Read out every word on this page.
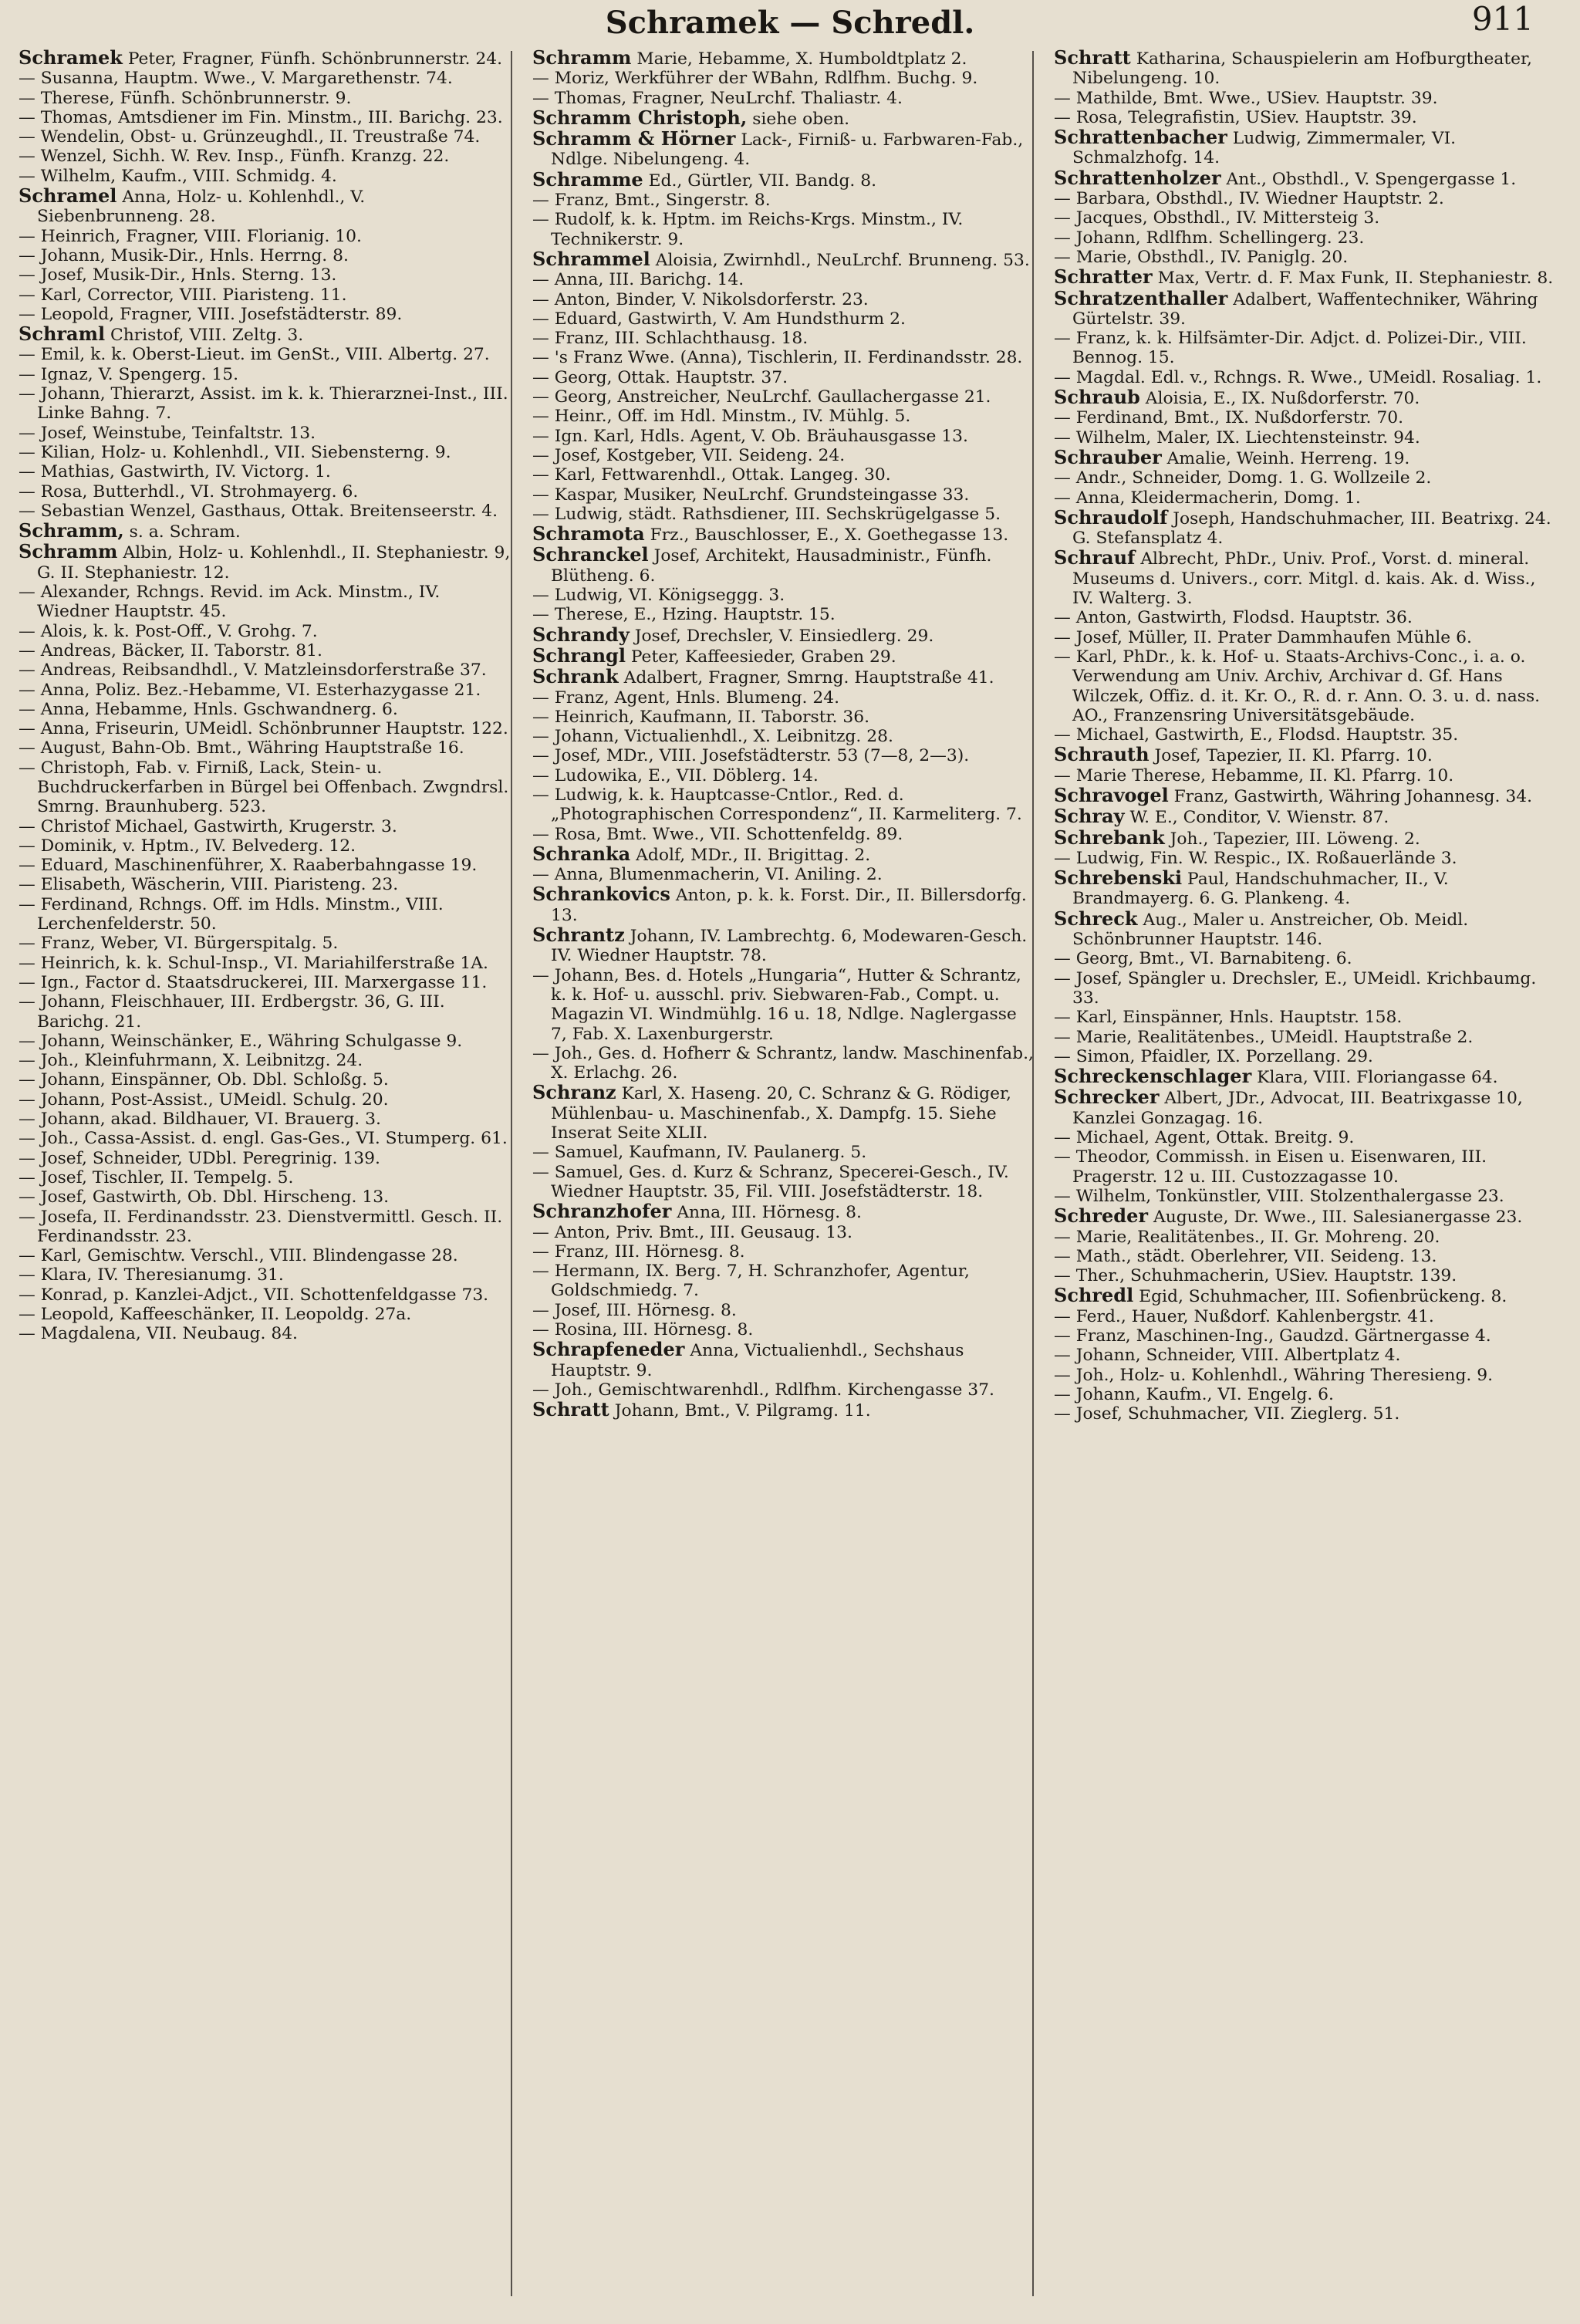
Schramek — Schredl.	911

Schramek Peter, Fragner, Fünfh. Schönbrunnerstr. 24.

— Susanna, Hauptm. Wwe., V. Margarethenstr. 74.

— Therese, Fünfh. Schönbrunnerstr. 9.

— Thomas, Amtsdiener im Fin. Minstm., III. Barichg. 23.

— Wendelin, Obst- u. Grünzeughdl., II. Treustraße 74.

— Wenzel, Sichh. W. Rev. Insp., Fünfh. Kranzg. 22.

— Wilhelm, Kaufm., VIII. Schmidg. 4.

Schramel Anna, Holz- u. Kohlenhdl., V. Siebenbrunneng. 28.

— Heinrich, Fragner, VIII. Florianig. 10.

— Johann, Musik-Dir., Hnls. Herrng. 8.

— Josef, Musik-Dir., Hnls. Sterng. 13.

— Karl, Corrector, VIII. Piaristeng. 11.

— Leopold, Fragner, VIII. Josefstädterstr. 89.

Schraml Christof, VIII. Zeltg. 3.

— Emil, k. k. Oberst-Lieut. im GenSt., VIII. Albertg. 27.

— Ignaz, V. Spengerg. 15.

— Johann, Thierarzt, Assist. im k. k. Thierarznei-Inst., III. Linke Bahng. 7.

— Josef, Weinstube, Teinfaltstr. 13.

— Kilian, Holz- u. Kohlenhdl., VII. Siebensterng. 9.

— Mathias, Gastwirth, IV. Victorg. 1.

— Rosa, Butterhdl., VI. Strohmayerg. 6.

— Sebastian Wenzel, Gasthaus, Ottak. Breitenseerstr. 4.

Schramm, s. a. Schram.

Schramm Albin, Holz- u. Kohlenhdl., II. Stephaniestr. 9, G. II. Stephaniestr. 12.

— Alexander, Rchngs. Revid. im Ack. Minstm., IV. Wiedner Hauptstr. 45.

— Alois, k. k. Post-Off., V. Grohg. 7.

— Andreas, Bäcker, II. Taborstr. 81.

— Andreas, Reibsandhdl., V. Matzleinsdorferstraße 37.

— Anna, Poliz. Bez.-Hebamme, VI. Esterhazygasse 21.

— Anna, Hebamme, Hnls. Gschwandnerg. 6.

— Anna, Friseurin, UMeidl. Schönbrunner Hauptstr. 122.

— August, Bahn-Ob. Bmt., Währing Hauptstraße 16.

— Christoph, Fab. v. Firniß, Lack, Stein- u. Buchdruckerfarben in Bürgel bei Offenbach. Zwgndrsl. Smrng. Braunhuberg. 523.

— Christof Michael, Gastwirth, Krugerstr. 3.

— Dominik, v. Hptm., IV. Belvederg. 12.

— Eduard, Maschinenführer, X. Raaberbahngasse 19.

— Elisabeth, Wäscherin, VIII. Piaristeng. 23.

— Ferdinand, Rchngs. Off. im Hdls. Minstm., VIII. Lerchenfelderstr. 50.

— Franz, Weber, VI. Bürgerspitalg. 5.

— Heinrich, k. k. Schul-Insp., VI. Mariahilferstraße 1A.

— Ign., Factor d. Staatsdruckerei, III. Marxergasse 11.

— Johann, Fleischhauer, III. Erdbergstr. 36, G. III. Barichg. 21.

— Johann, Weinschänker, E., Währing Schulgasse 9.

— Joh., Kleinfuhrmann, X. Leibnitzg. 24.

— Johann, Einspänner, Ob. Dbl. Schloßg. 5.

— Johann, Post-Assist., UMeidl. Schulg. 20.

— Johann, akad. Bildhauer, VI. Brauerg. 3.

— Joh., Cassa-Assist. d. engl. Gas-Ges., VI. Stumperg. 61.

— Josef, Schneider, UDbl. Peregrinig. 139.

— Josef, Tischler, II. Tempelg. 5.

— Josef, Gastwirth, Ob. Dbl. Hirscheng. 13.

— Josefa, II. Ferdinandsstr. 23. Dienstvermittl. Gesch. II. Ferdinandsstr. 23.

— Karl, Gemischtw. Verschl., VIII. Blindengasse 28.

— Klara, IV. Theresianumg. 31.

— Konrad, p. Kanzlei-Adjct., VII. Schottenfeldgasse 73.

— Leopold, Kaffeeschänker, II. Leopoldg. 27a.

— Magdalena, VII. Neubaug. 84.

Schramm Marie, Hebamme, X. Humboldtplatz 2.

— Moriz, Werkführer der WBahn, Rdlfhm. Buchg. 9.

— Thomas, Fragner, NeuLrchf. Thaliastr. 4.

Schramm Christoph, siehe oben.

Schramm & Hörner Lack-, Firniß- u. Farbwaren-Fab., Ndlge. Nibelungeng. 4.

Schramme Ed., Gürtler, VII. Bandg. 8.

— Franz, Bmt., Singerstr. 8.

— Rudolf, k. k. Hptm. im Reichs-Krgs. Minstm., IV. Technikerstr. 9.

Schrammel Aloisia, Zwirnhdl., NeuLrchf. Brunneng. 53.

— Anna, III. Barichg. 14.

— Anton, Binder, V. Nikolsdorferstr. 23.

— Eduard, Gastwirth, V. Am Hundsthurm 2.

— Franz, III. Schlachthausg. 18.

— 's Franz Wwe. (Anna), Tischlerin, II. Ferdinandsstr. 28.

— Georg, Ottak. Hauptstr. 37.

— Georg, Anstreicher, NeuLrchf. Gaullachergasse 21.

— Heinr., Off. im Hdl. Minstm., IV. Mühlg. 5.

— Ign. Karl, Hdls. Agent, V. Ob. Bräuhausgasse 13.

— Josef, Kostgeber, VII. Seideng. 24.

— Karl, Fettwarenhdl., Ottak. Langeg. 30.

— Kaspar, Musiker, NeuLrchf. Grundsteingasse 33.

— Ludwig, städt. Rathsdiener, III. Sechskrügelgasse 5.

Schramota Frz., Bauschlosser, E., X. Goethegasse 13.

Schranckel Josef, Architekt, Hausadministr., Fünfh. Blütheng. 6.

— Ludwig, VI. Königseggg. 3.

— Therese, E., Hzing. Hauptstr. 15.

Schrandy Josef, Drechsler, V. Einsiedlerg. 29.

Schrangl Peter, Kaffeesieder, Graben 29.

Schrank Adalbert, Fragner, Smrng. Hauptstraße 41.

— Franz, Agent, Hnls. Blumeng. 24.

— Heinrich, Kaufmann, II. Taborstr. 36.

— Johann, Victualienhdl., X. Leibnitzg. 28.

— Josef, MDr., VIII. Josefstädterstr. 53 (7—8, 2—3).

— Ludowika, E., VII. Döblerg. 14.

— Ludwig, k. k. Hauptcasse-Cntlor., Red. d. „Photographischen Correspondenz“, II. Karmeliterg. 7.

— Rosa, Bmt. Wwe., VII. Schottenfeldg. 89.

Schranka Adolf, MDr., II. Brigittag. 2.

— Anna, Blumenmacherin, VI. Aniling. 2.

Schrankovics Anton, p. k. k. Forst. Dir., II. Billersdorfg. 13.

Schrantz Johann, IV. Lambrechtg. 6, Modewaren-Gesch. IV. Wiedner Hauptstr. 78.

— Johann, Bes. d. Hotels „Hungaria“, Hutter & Schrantz, k. k. Hof- u. ausschl. priv. Siebwaren-Fab., Compt. u. Magazin VI. Windmühlg. 16 u. 18, Ndlge. Naglergasse 7, Fab. X. Laxenburgerstr.

— Joh., Ges. d. Hofherr & Schrantz, landw. Maschinenfab., X. Erlachg. 26.

Schranz Karl, X. Haseng. 20, C. Schranz & G. Rödiger, Mühlenbau- u. Maschinenfab., X. Dampfg. 15. Siehe Inserat Seite XLII.

— Samuel, Kaufmann, IV. Paulanerg. 5.

— Samuel, Ges. d. Kurz & Schranz, Specerei-Gesch., IV. Wiedner Hauptstr. 35, Fil. VIII. Josefstädterstr. 18.

Schranzhofer Anna, III. Hörnesg. 8.

— Anton, Priv. Bmt., III. Geusaug. 13.

— Franz, III. Hörnesg. 8.

— Hermann, IX. Berg. 7, H. Schranzhofer, Agentur, Goldschmiedg. 7.

— Josef, III. Hörnesg. 8.

— Rosina, III. Hörnesg. 8.

Schrapfeneder Anna, Victualienhdl., Sechshaus Hauptstr. 9.

— Joh., Gemischtwarenhdl., Rdlfhm. Kirchengasse 37.

Schratt Johann, Bmt., V. Pilgramg. 11.

Schratt Katharina, Schauspielerin am Hofburgtheater, Nibelungeng. 10.

— Mathilde, Bmt. Wwe., USiev. Hauptstr. 39.

— Rosa, Telegrafistin, USiev. Hauptstr. 39.

Schrattenbacher Ludwig, Zimmermaler, VI. Schmalzhofg. 14.

Schrattenholzer Ant., Obsthdl., V. Spengergasse 1.

— Barbara, Obsthdl., IV. Wiedner Hauptstr. 2.

— Jacques, Obsthdl., IV. Mittersteig 3.

— Johann, Rdlfhm. Schellingerg. 23.

— Marie, Obsthdl., IV. Paniglg. 20.

Schratter Max, Vertr. d. F. Max Funk, II. Stephaniestr. 8.

Schratzenthaller Adalbert, Waffentechniker, Währing Gürtelstr. 39.

— Franz, k. k. Hilfsämter-Dir. Adjct. d. Polizei-Dir., VIII. Bennog. 15.

— Magdal. Edl. v., Rchngs. R. Wwe., UMeidl. Rosaliag. 1.

Schraub Aloisia, E., IX. Nußdorferstr. 70.

— Ferdinand, Bmt., IX. Nußdorferstr. 70.

— Wilhelm, Maler, IX. Liechtensteinstr. 94.

Schrauber Amalie, Weinh. Herreng. 19.

— Andr., Schneider, Domg. 1. G. Wollzeile 2.

— Anna, Kleidermacherin, Domg. 1.

Schraudolf Joseph, Handschuhmacher, III. Beatrixg. 24. G. Stefansplatz 4.

Schrauf Albrecht, PhDr., Univ. Prof., Vorst. d. mineral. Museums d. Univers., corr. Mitgl. d. kais. Ak. d. Wiss., IV. Walterg. 3.

— Anton, Gastwirth, Flodsd. Hauptstr. 36.

— Josef, Müller, II. Prater Dammhaufen Mühle 6.

— Karl, PhDr., k. k. Hof- u. Staats-Archivs-Conc., i. a. o. Verwendung am Univ. Archiv, Archivar d. Gf. Hans Wilczek, Offiz. d. it. Kr. O., R. d. r. Ann. O. 3. u. d. nass. AO., Franzensring Universitätsgebäude.

— Michael, Gastwirth, E., Flodsd. Hauptstr. 35.

Schrauth Josef, Tapezier, II. Kl. Pfarrg. 10.

— Marie Therese, Hebamme, II. Kl. Pfarrg. 10.

Schravogel Franz, Gastwirth, Währing Johannesg. 34.

Schray W. E., Conditor, V. Wienstr. 87.

Schrebank Joh., Tapezier, III. Löweng. 2.

— Ludwig, Fin. W. Respic., IX. Roßauerlände 3.

Schrebenski Paul, Handschuhmacher, II., V. Brandmayerg. 6. G. Plankeng. 4.

Schreck Aug., Maler u. Anstreicher, Ob. Meidl. Schönbrunner Hauptstr. 146.

— Georg, Bmt., VI. Barnabiteng. 6.

— Josef, Spängler u. Drechsler, E., UMeidl. Krichbaumg. 33.

— Karl, Einspänner, Hnls. Hauptstr. 158.

— Marie, Realitätenbes., UMeidl. Hauptstraße 2.

— Simon, Pfaidler, IX. Porzellang. 29.

Schreckenschlager Klara, VIII. Floriangasse 64.

Schrecker Albert, JDr., Advocat, III. Beatrixgasse 10, Kanzlei Gonzagag. 16.

— Michael, Agent, Ottak. Breitg. 9.

— Theodor, Commissh. in Eisen u. Eisenwaren, III. Pragerstr. 12 u. III. Custozzagasse 10.

— Wilhelm, Tonkünstler, VIII. Stolzenthalergasse 23.

Schreder Auguste, Dr. Wwe., III. Salesianergasse 23.

— Marie, Realitätenbes., II. Gr. Mohreng. 20.

— Math., städt. Oberlehrer, VII. Seideng. 13.

— Ther., Schuhmacherin, USiev. Hauptstr. 139.

Schredl Egid, Schuhmacher, III. Sofienbrückeng. 8.

— Ferd., Hauer, Nußdorf. Kahlenbergstr. 41.

— Franz, Maschinen-Ing., Gaudzd. Gärtnergasse 4.

— Johann, Schneider, VIII. Albertplatz 4.

— Joh., Holz- u. Kohlenhdl., Währing Theresieng. 9.

— Johann, Kaufm., VI. Engelg. 6.

— Josef, Schuhmacher, VII. Zieglerg. 51.
